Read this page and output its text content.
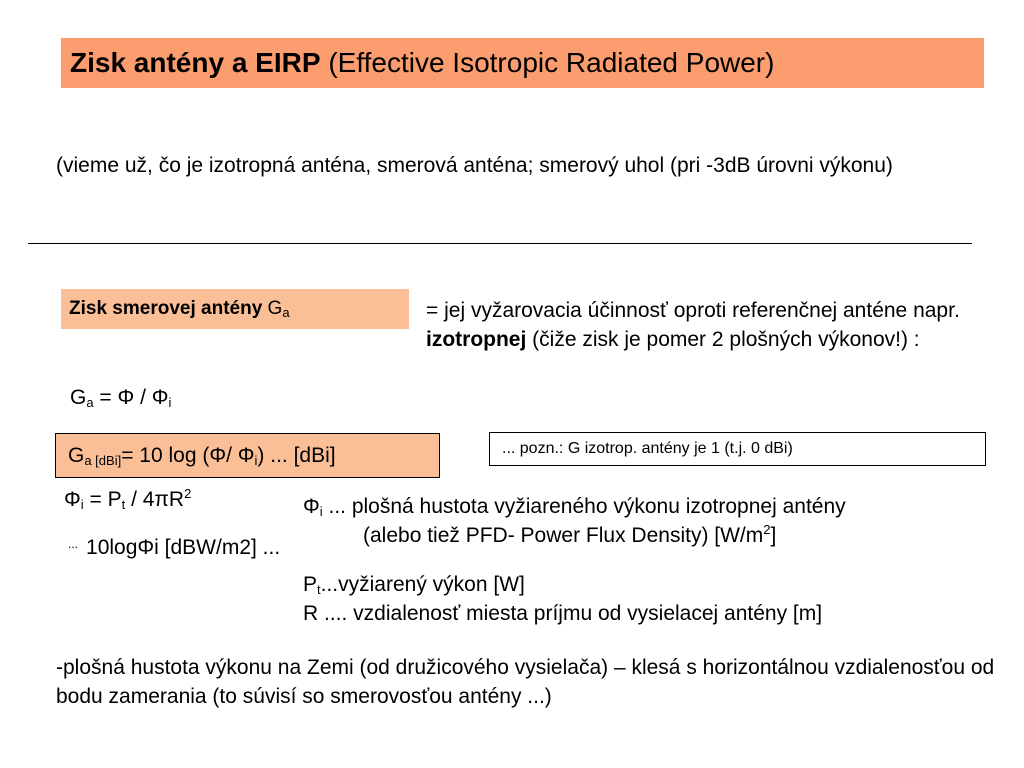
Zisk antény a EIRP (Effective Isotropic Radiated Power)
(vieme už, čo je izotropná anténa, smerová anténa; smerový uhol (pri -3dB úrovni výkonu)
Zisk smerovej antény $G_a$	= jej vyžarovacia účinnosť oproti referenčnej anténe napr. izotropnej (čiže zisk je pomer 2 plošných výkonov!) :
$G_a = \Phi / \Phi_i$
$G_{a [dBi]}= 10$ log (Φ/ $\Phi_i$) ... [dBi]	... pozn.: G izotrop. antény je 1 (t.j. 0 dBi)
$\Phi_i = P_t / 4\pi R^2$
... 10logΦi [dBW/m2] ...
$\Phi_i$ ... plošná hustota vyžiareného výkonu izotropnej antény
(alebo tiež PFD- Power Flux Density) $[W/m^2]$
$P_t...vyžiarený$ výkon [W]
R .... vzdialenosť miesta príjmu od vysielacej antény [m]
-plošná hustota výkonu na Zemi (od družicového vysielača) – klesá s horizontálnou vzdialenosťou od bodu zamerania (to súvisí so smerovosťou antény ...)
